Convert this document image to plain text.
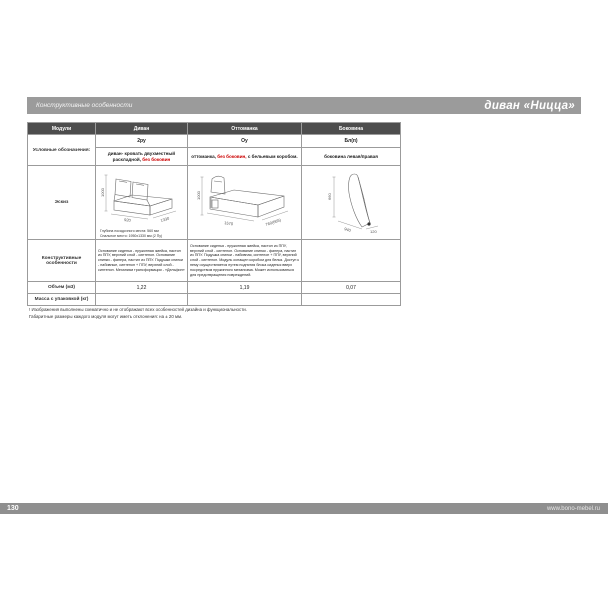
Конструктивные особенности	диван «Ницца»
Модули	Диван	Оттоманка	Боковина
Условные обозначения:	2ру	Оу	Бл(п)
	диван- кровать двухместный раскладной, без боковин	оттоманка, без боковин, с бельевым коробом.	боковина левая/правая
Эскиз	
1000
920	1330
Глубина посадочного места: 560 мм
Спальное место: 1950х1330 мм (2 Пу)

1000
1570	760(665)

660
940	120

Конструктивные особенности	Основание сиденья - пружинная змейка, настил из ППУ, верхний слой - синтепон. Основание спинки - фанера, настил из ППУ. Подушки спинки - набивные, синтепон + ППУ, верхний слой - синтепон. Механизм трансформации - «Дельфин»	Основание сиденья - пружинная змейка, настил из ППУ, верхний слой - синтепон. Основание спинки - фанера, настил из ППУ. Подушка спинки - набивная, синтепон + ППУ, верхний слой - синтепон. Модуль оснащен коробом для белья. Доступ к нему осуществляется путем поднятия блока сиденья вверх посредством пружинного механизма. Может использоваться для предотвращения повреждений.	
Объем (м3)	1,22	1,19	0,07
Масса с упаковкой (кг)			
! Изображения выполнены схематично и не отображают всех особенностей дизайна и функциональности.
Габаритные размеры каждого модуля могут иметь отклонения: на ± 20 мм.
130	www.bono-mebel.ru
